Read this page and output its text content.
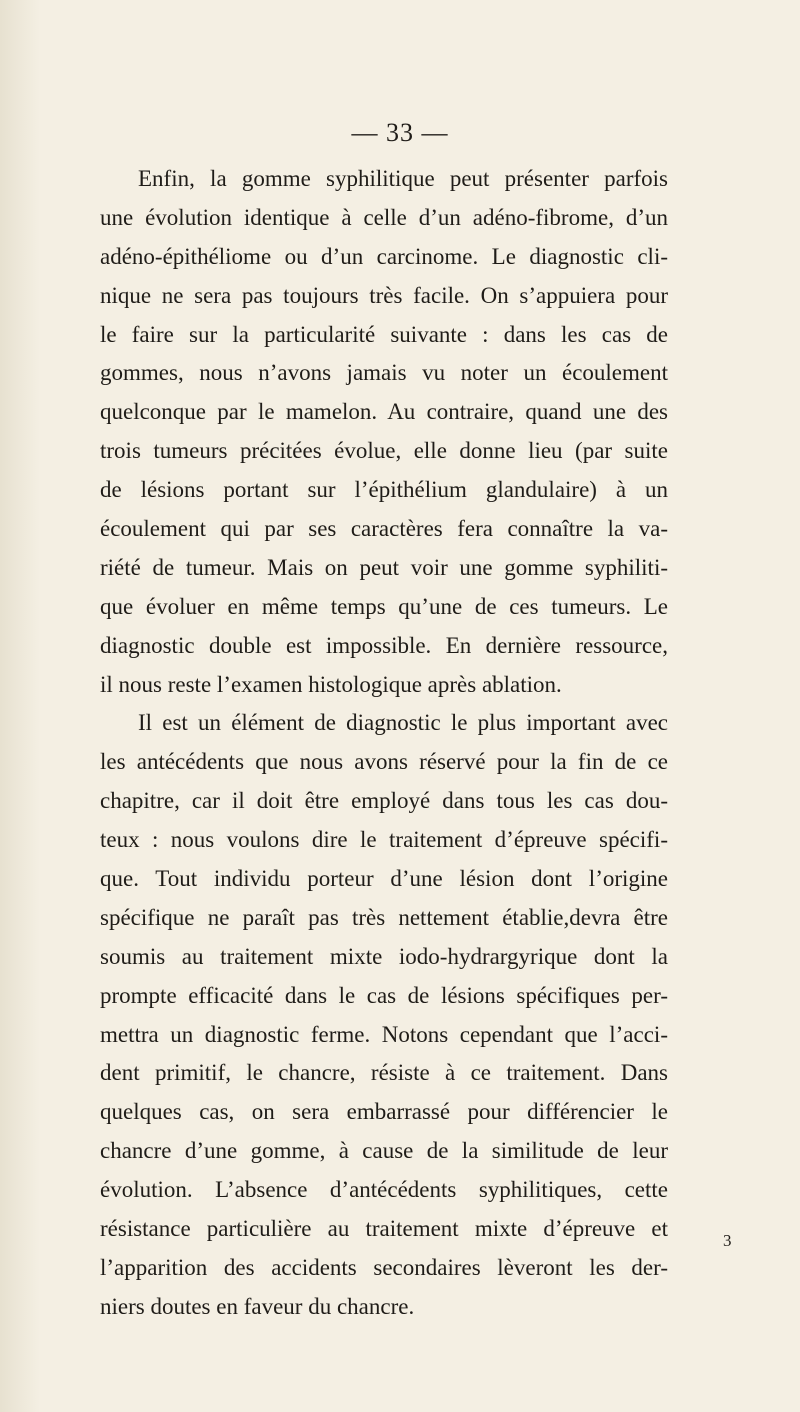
— 33 —
Enfin, la gomme syphilitique peut présenter parfois
une évolution identique à celle d’un adéno-fibrome, d’un
adéno-épithéliome ou d’un carcinome. Le diagnostic cli-
nique ne sera pas toujours très facile. On s’appuiera pour
le faire sur la particularité suivante : dans les cas de
gommes, nous n’avons jamais vu noter un écoulement
quelconque par le mamelon. Au contraire, quand une des
trois tumeurs précitées évolue, elle donne lieu (par suite
de lésions portant sur l’épithélium glandulaire) à un
écoulement qui par ses caractères fera connaître la va-
riété de tumeur. Mais on peut voir une gomme syphiliti-
que évoluer en même temps qu’une de ces tumeurs. Le
diagnostic double est impossible. En dernière ressource,
il nous reste l’examen histologique après ablation.
Il est un élément de diagnostic le plus important avec
les antécédents que nous avons réservé pour la fin de ce
chapitre, car il doit être employé dans tous les cas dou-
teux : nous voulons dire le traitement d’épreuve spécifi-
que. Tout individu porteur d’une lésion dont l’origine
spécifique ne paraît pas très nettement établie,devra être
soumis au traitement mixte iodo-hydrargyrique dont la
prompte efficacité dans le cas de lésions spécifiques per-
mettra un diagnostic ferme. Notons cependant que l’acci-
dent primitif, le chancre, résiste à ce traitement. Dans
quelques cas, on sera embarrassé pour différencier le
chancre d’une gomme, à cause de la similitude de leur
évolution. L’absence d’antécédents syphilitiques, cette
résistance particulière au traitement mixte d’épreuve et
l’apparition des accidents secondaires lèveront les der-
niers doutes en faveur du chancre.
3
